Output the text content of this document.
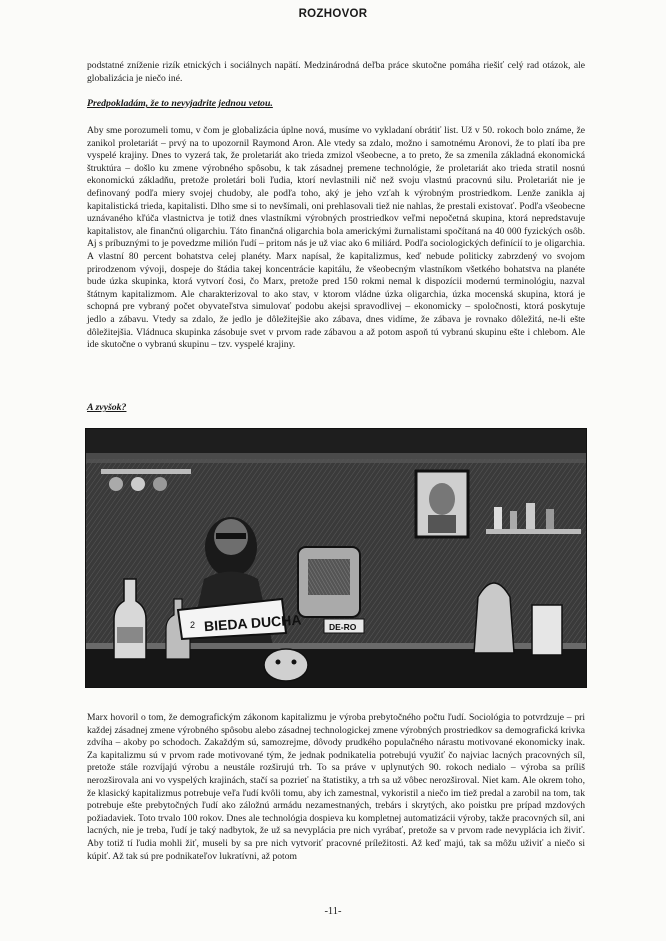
ROZHOVOR

podstatné zníženie rizík etnických i sociálnych napätí. Medzinárodná deľba práce skutočne pomáha riešiť celý rad otázok, ale globalizácia je niečo iné.

Predpokladám, že to nevyjadrite jednou vetou.

Aby sme porozumeli tomu, v čom je globalizácia úplne nová, musíme vo vykladaní obrátiť list. Už v 50. rokoch bolo známe, že zanikol proletariát – prvý na to upozornil Raymond Aron. Ale vtedy sa zdalo, možno i samotnému Aronovi, že to platí iba pre vyspelé krajiny. Dnes to vyzerá tak, že proletariát ako trieda zmizol všeobecne, a to preto, že sa zmenila základná ekonomická štruktúra – došlo ku zmene výrobného spôsobu, k tak zásadnej premene technológie, že proletariát ako trieda stratil nosnú ekonomickú základňu, pretože proletári boli ľudia, ktorí nevlastnili nič než svoju vlastnú pracovnú silu. Proletariát nie je definovaný podľa miery svojej chudoby, ale podľa toho, aký je jeho vzťah k výrobným prostriedkom. Lenže zanikla aj kapitalistická trieda, kapitalisti. Dlho sme si to nevšímali, oni prehlasovali tiež nie nahlas, že prestali existovať. Podľa všeobecne uznávaného kľúča vlastnictva je totiž dnes vlastníkmi výrobných prostriedkov veľmi nepočetná skupina, ktorá nepredstavuje kapitalistov, ale finančnú oligarchiu. Táto finančná oligarchia bola americkými žurnalistami spočítaná na 40 000 fyzických osôb. Aj s príbuznými to je povedzme milión ľudí – pritom nás je už viac ako 6 miliárd. Podľa sociologických definícií to je oligarchia. A vlastní 80 percent bohatstva celej planéty. Marx napísal, že kapitalizmus, keď nebude politicky zabrzdený vo svojom prirodzenom vývoji, dospeje do štádia takej koncentrácie kapitálu, že všeobecným vlastníkom všetkého bohatstva na planéte bude úzka skupinka, ktorá vytvorí čosi, čo Marx, pretože pred 150 rokmi nemal k dispozícii modernú terminológiu, nazval štátnym kapitalizmom. Ale charakterizoval to ako stav, v ktorom vládne úzka oligarchia, úzka mocenská skupina, ktorá je schopná pre vybraný počet obyvateľstva simulovať podobu akejsi spravodlivej – ekonomicky – spoločnosti, ktorá poskytuje jedlo a zábavu. Vtedy sa zdalo, že jedlo je dôležitejšie ako zábava, dnes vidíme, že zábava je rovnako dôležitá, ne-li ešte dôležitejšia. Vládnuca skupinka zásobuje svet v prvom rade zábavou a až potom aspoň tú vybranú skupinu ešte i chlebom. Ale ide skutočne o vybranú skupinu – tzv. vyspelé krajiny.

A zvyšok?

2 BIEDA DUCHA	DE-RO

Marx hovoril o tom, že demografickým zákonom kapitalizmu je výroba prebytočného počtu ľudí. Sociológia to potvrdzuje – pri každej zásadnej zmene výrobného spôsobu alebo zásadnej technologickej zmene výrobných prostriedkov sa demografická krivka zdvíha – akoby po schodoch. Zakaždým sú, samozrejme, dôvody prudkého populačného nárastu motivované ekonomicky inak. Za kapitalizmu sú v prvom rade motivované tým, že jednak podnikatelia potrebujú využiť čo najviac lacných pracovných síl, pretože stále rozvíjajú výrobu a neustále rozširujú trh. To sa práve v uplynutých 90. rokoch nedialo – výroba sa príliš nerozširovala ani vo vyspelých krajinách, stačí sa pozrieť na štatistiky, a trh sa už vôbec nerozširoval. Niet kam. Ale okrem toho, že klasický kapitalizmus potrebuje veľa ľudí kvôli tomu, aby ich zamestnal, vykoristil a niečo im tiež predal a zarobil na tom, tak potrebuje ešte prebytočných ľudí ako záložnú armádu nezamestnaných, trebárs i skrytých, ako poistku pre prípad mzdových požiadaviek. Toto trvalo 100 rokov. Dnes ale technológia dospieva ku kompletnej automatizácii výroby, takže pracovných síl, ani lacných, nie je treba, ľudí je taký nadbytok, že už sa nevyplácia pre nich vyrábať, pretože sa v prvom rade nevyplácia ich živiť. Aby totiž tí ľudia mohli žiť, museli by sa pre nich vytvoriť pracovné príležitosti. Až keď majú, tak sa môžu uživiť a niečo si kúpiť. Až tak sú pre podnikateľov lukratívni, až potom

-11-
